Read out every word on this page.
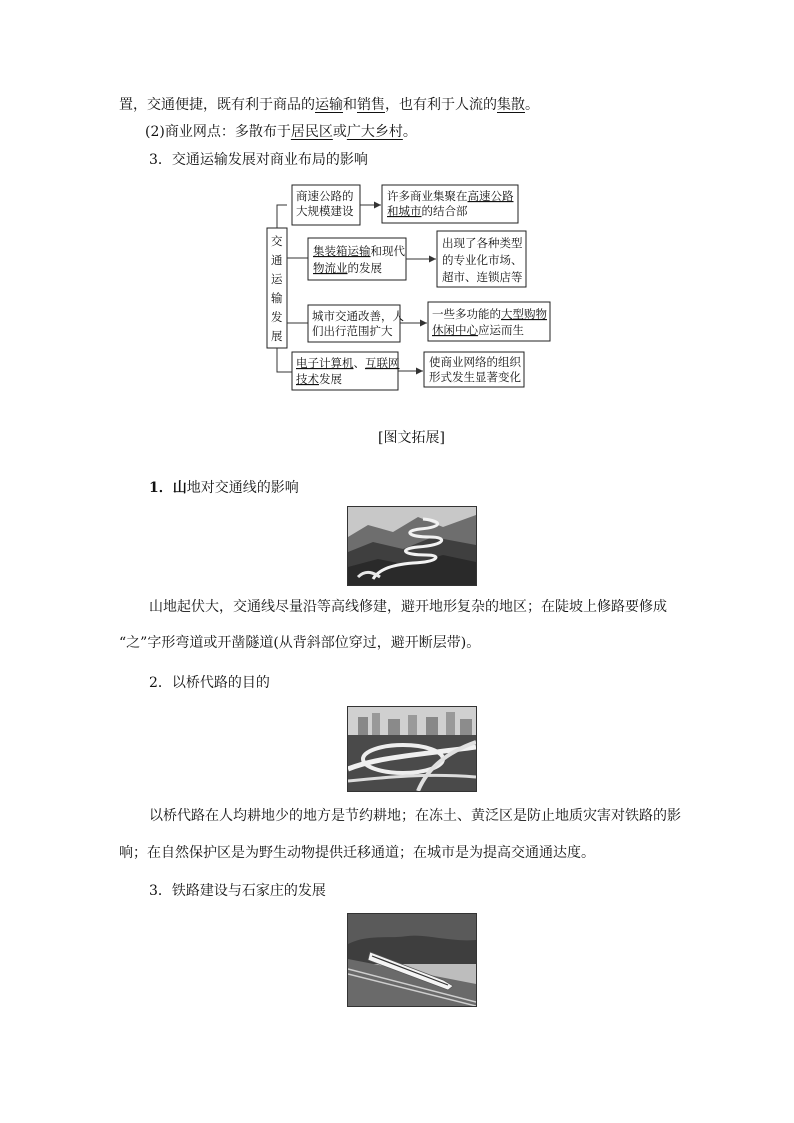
置，交通便捷，既有利于商品的运输和销售，也有利于人流的集散。
(2)商业网点：多散布于居民区或广大乡村。
3．交通运输发展对商业布局的影响
交
通
运
输
发
展
商速公路的大规模建设
集装箱运输和现代物流业的发展
城市交通改善，人们出行范围扩大
电子计算机、互联网技术发展
许多商业集聚在高速公路和城市的结合部
出现了各种类型的专业化市场、超市、连锁店等
一些多功能的大型购物休闲中心应运而生
使商业网络的组织形式发生显著变化
[图文拓展]
1．山地对交通线的影响
山地起伏大，交通线尽量沿等高线修建，避开地形复杂的地区；在陡坡上修路要修成
“之”字形弯道或开凿隧道(从背斜部位穿过，避开断层带)。
2．以桥代路的目的
以桥代路在人均耕地少的地方是节约耕地；在冻土、黄泛区是防止地质灾害对铁路的影
响；在自然保护区是为野生动物提供迁移通道；在城市是为提高交通通达度。
3．铁路建设与石家庄的发展
